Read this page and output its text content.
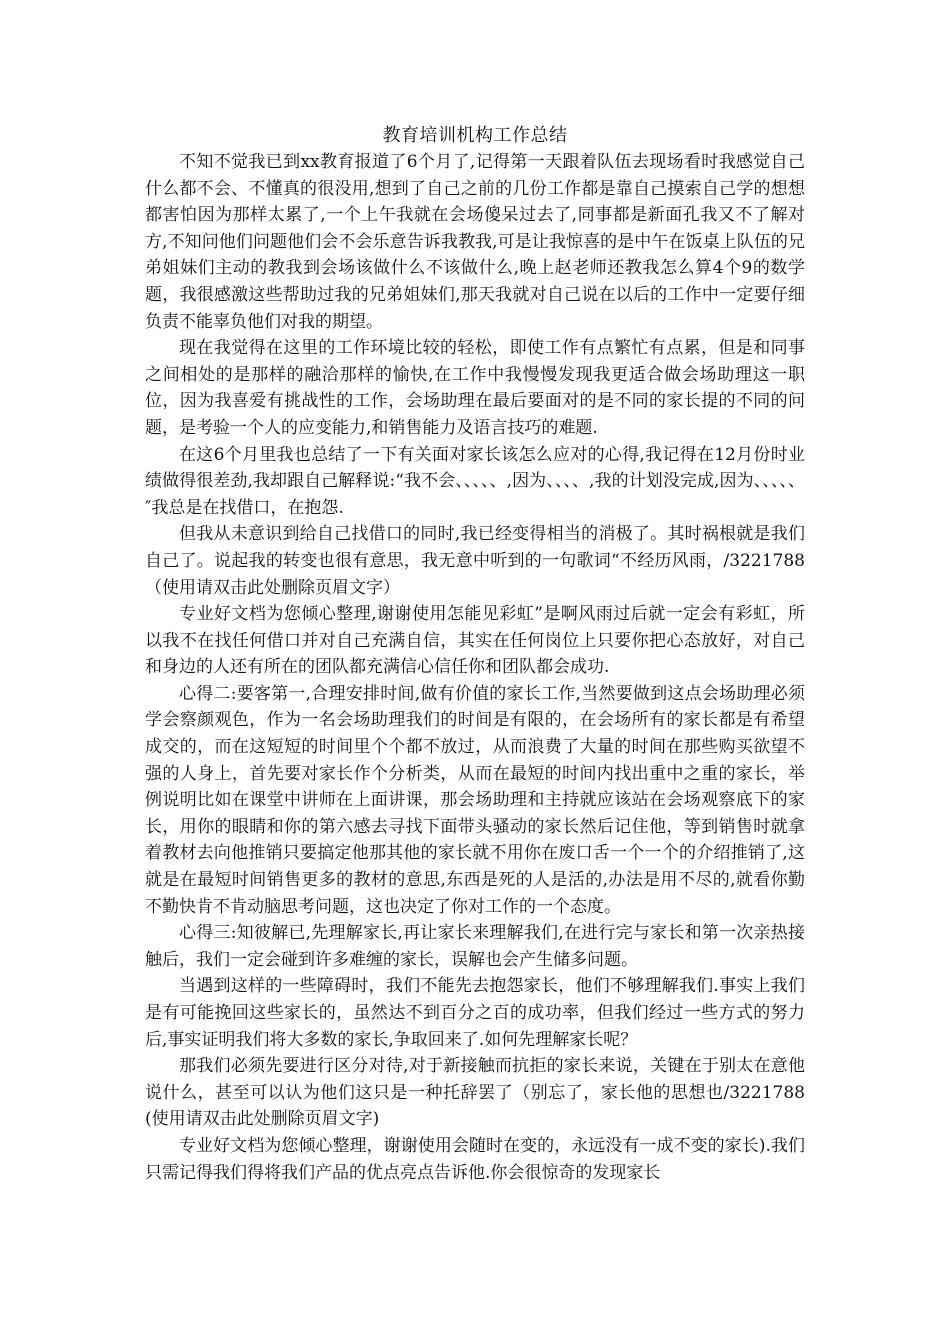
教育培训机构工作总结

不知不觉我已到xx教育报道了6个月了,记得第一天跟着队伍去现场看时我感觉自己什么都不会、不懂真的很没用,想到了自己之前的几份工作都是靠自己摸索自己学的想想都害怕因为那样太累了,一个上午我就在会场傻呆过去了,同事都是新面孔我又不了解对方,不知问他们问题他们会不会乐意告诉我教我,可是让我惊喜的是中午在饭桌上队伍的兄弟姐妹们主动的教我到会场该做什么不该做什么,晚上赵老师还教我怎么算4个9的数学题，我很感激这些帮助过我的兄弟姐妹们,那天我就对自己说在以后的工作中一定要仔细负责不能辜负他们对我的期望。

现在我觉得在这里的工作环境比较的轻松，即使工作有点繁忙有点累，但是和同事之间相处的是那样的融洽那样的愉快,在工作中我慢慢发现我更适合做会场助理这一职位，因为我喜爱有挑战性的工作，会场助理在最后要面对的是不同的家长提的不同的问题，是考验一个人的应变能力,和销售能力及语言技巧的难题.

在这6个月里我也总结了一下有关面对家长该怎么应对的心得,我记得在12月份时业绩做得很差劲,我却跟自己解释说:“我不会、、、、、,因为、、、、,我的计划没完成,因为、、、、、″我总是在找借口，在抱怨.

但我从未意识到给自己找借口的同时,我已经变得相当的消极了。其时祸根就是我们自己了。说起我的转变也很有意思，我无意中听到的一句歌词“不经历风雨，/3221788（使用请双击此处删除页眉文字）

专业好文档为您倾心整理,谢谢使用怎能见彩虹”是啊风雨过后就一定会有彩虹，所以我不在找任何借口并对自己充满自信，其实在任何岗位上只要你把心态放好，对自己和身边的人还有所在的团队都充满信心信任你和团队都会成功.

心得二:要客第一,合理安排时间,做有价值的家长工作,当然要做到这点会场助理必须学会察颜观色，作为一名会场助理我们的时间是有限的，在会场所有的家长都是有希望成交的，而在这短短的时间里个个都不放过，从而浪费了大量的时间在那些购买欲望不强的人身上，首先要对家长作个分析类，从而在最短的时间内找出重中之重的家长，举例说明比如在课堂中讲师在上面讲课，那会场助理和主持就应该站在会场观察底下的家长，用你的眼睛和你的第六感去寻找下面带头骚动的家长然后记住他，等到销售时就拿着教材去向他推销只要搞定他那其他的家长就不用你在废口舌一个一个的介绍推销了,这就是在最短时间销售更多的教材的意思,东西是死的人是活的,办法是用不尽的,就看你勤不勤快肯不肯动脑思考问题，这也决定了你对工作的一个态度。

心得三:知彼解已,先理解家长,再让家长来理解我们,在进行完与家长和第一次亲热接触后，我们一定会碰到许多难缠的家长，误解也会产生储多问题。

当遇到这样的一些障碍时，我们不能先去抱怨家长，他们不够理解我们.事实上我们是有可能挽回这些家长的，虽然达不到百分之百的成功率，但我们经过一些方式的努力后,事实证明我们将大多数的家长,争取回来了.如何先理解家长呢？

那我们必须先要进行区分对待,对于新接触而抗拒的家长来说，关键在于别太在意他说什么，甚至可以认为他们这只是一种托辞罢了（别忘了，家长他的思想也/3221788(使用请双击此处删除页眉文字)

专业好文档为您倾心整理，谢谢使用会随时在变的，永远没有一成不变的家长).我们只需记得我们得将我们产品的优点亮点告诉他.你会很惊奇的发现家长
